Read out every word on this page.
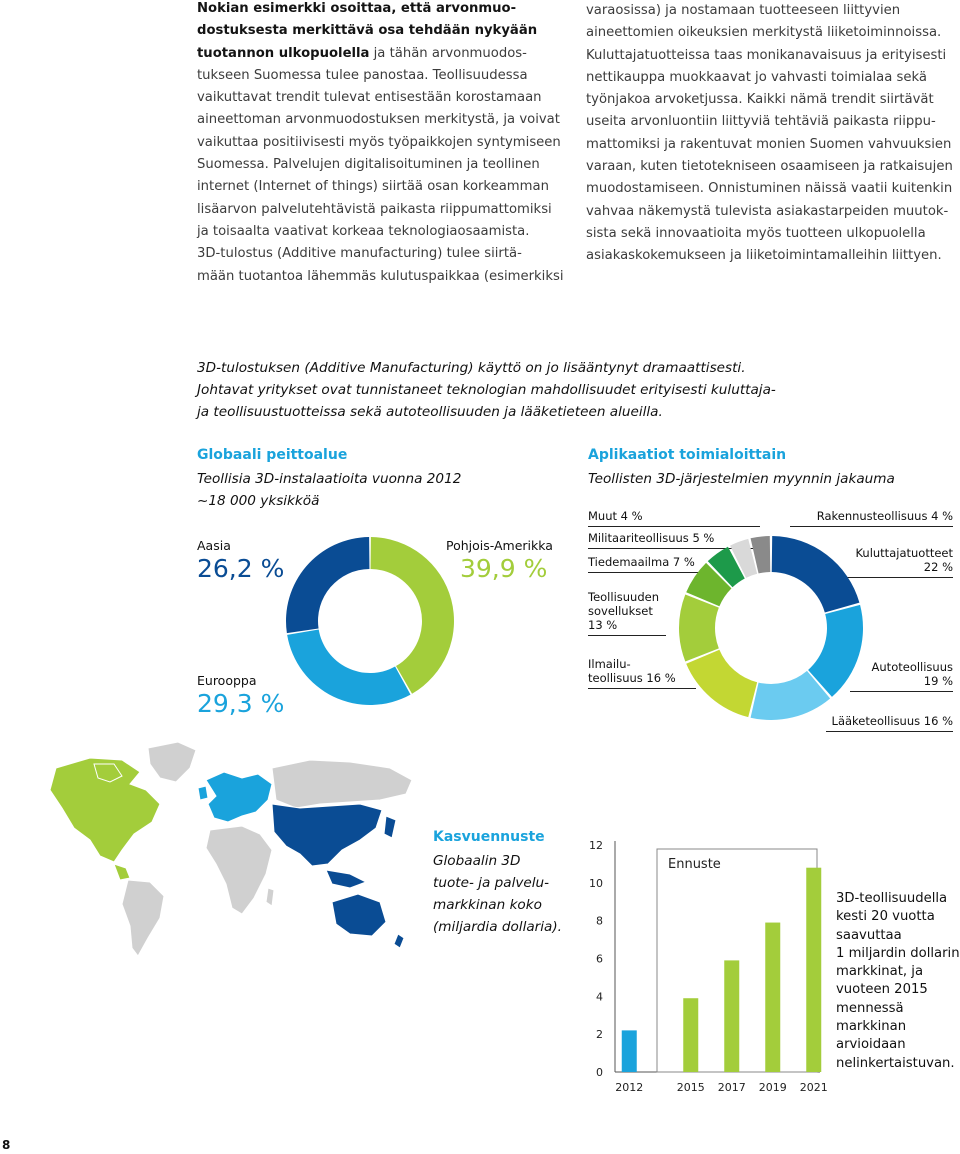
Nokian esimerkki osoittaa, että arvonmuo-
dostuksesta merkittävä osa tehdään nykyään
tuotannon ulkopuolella ja tähän arvonmuodos-
tukseen Suomessa tulee panostaa. Teollisuudessa
vaikuttavat trendit tulevat entisestään korostamaan
aineettoman arvonmuodostuksen merkitystä, ja voivat
vaikuttaa positiivisesti myös työpaikkojen syntymiseen
Suomessa. Palvelujen digitalisoituminen ja teollinen
internet (Internet of things) siirtää osan korkeamman
lisäarvon palvelutehtävistä paikasta riippumattomiksi
ja toisaalta vaativat korkeaa teknologiaosaamista.
3D-tulostus (Additive manufacturing) tulee siirtä-
mään tuotantoa lähemmäs kulutuspaikkaa (esimerkiksi
varaosissa) ja nostamaan tuotteeseen liittyvien
aineettomien oikeuksien merkitystä liiketoiminnoissa.
Kuluttajatuotteissa taas monikanavaisuus ja erityisesti
nettikauppa muokkaavat jo vahvasti toimialaa sekä
työnjakoa arvoketjussa. Kaikki nämä trendit siirtävät
useita arvonluontiin liittyviä tehtäviä paikasta riippu-
mattomiksi ja rakentuvat monien Suomen vahvuuksien
varaan, kuten tietotekniseen osaamiseen ja ratkaisujen
muodostamiseen. Onnistuminen näissä vaatii kuitenkin
vahvaa näkemystä tulevista asiakastarpeiden muutok-
sista sekä innovaatioita myös tuotteen ulkopuolella
asiakaskokemukseen ja liiketoimintamalleihin liittyen.
3D-tulostuksen (Additive Manufacturing) käyttö on jo lisääntynyt dramaattisesti.
Johtavat yritykset ovat tunnistaneet teknologian mahdollisuudet erityisesti kuluttaja-
ja teollisuustuotteissa sekä autoteollisuuden ja lääketieteen alueilla.
Globaali peittoalue
Teollisia 3D-instalaatioita vuonna 2012
~18 000 yksikköä
Aasia
26,2 %
Pohjois-Amerikka
39,9 %
Eurooppa
29,3 %
Aplikaatiot toimialoittain
Teollisten 3D-järjestelmien myynnin jakauma
Muut 4 %
Militaariteollisuus 5 %
Tiedemaailma 7 %
Teollisuuden
sovellukset
13 %
Ilmailu-
teollisuus 16 %
Rakennusteollisuus 4 %
Kuluttajatuotteet
22 %
Autoteollisuus
19 %
Lääketeollisuus 16 %
Kasvuennuste
Globaalin 3D
tuote- ja palvelu-
markkinan koko
(miljardia dollaria).
0
2
4
6
8
10
12
Ennuste
2012	2015 2017 2019 2021
3D-teollisuudella
kesti 20 vuotta
saavuttaa
1 miljardin dollarin
markkinat, ja
vuoteen 2015
mennessä
markkinan
arvioidaan
nelinkertaistuvan.
8
